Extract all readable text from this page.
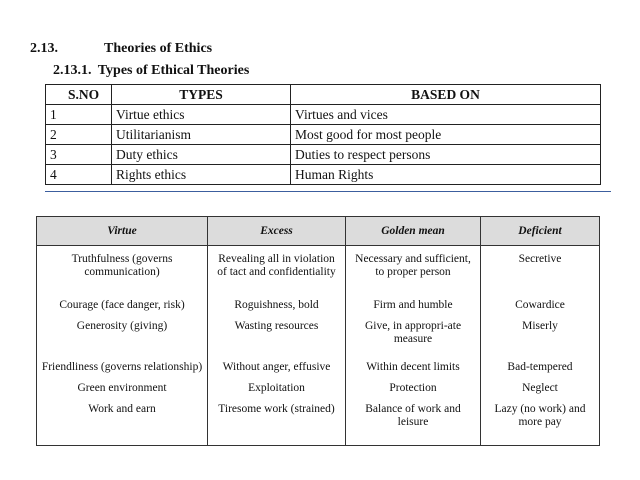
2.13.	Theories of Ethics
2.13.1. Types of Ethical Theories
S.NO	TYPES	BASED ON
1	Virtue ethics	Virtues and vices
2	Utilitarianism	Most good for most people
3	Duty ethics	Duties to respect persons
4	Rights ethics	Human Rights
Virtue	Excess	Golden mean	Deficient
Truthfulness (governs communication)	Revealing all in violation of tact and confidentiality	Necessary and sufficient, to proper person	Secretive
Courage (face danger, risk)	Roguishness, bold	Firm and humble	Cowardice
Generosity (giving)	Wasting resources	Give, in appropri-ate measure	Miserly
Friendliness (governs relationship)	Without anger, effusive	Within decent limits	Bad-tempered
Green environment	Exploitation	Protection	Neglect
Work and earn	Tiresome work (strained)	Balance of work and leisure	Lazy (no work) and more pay
